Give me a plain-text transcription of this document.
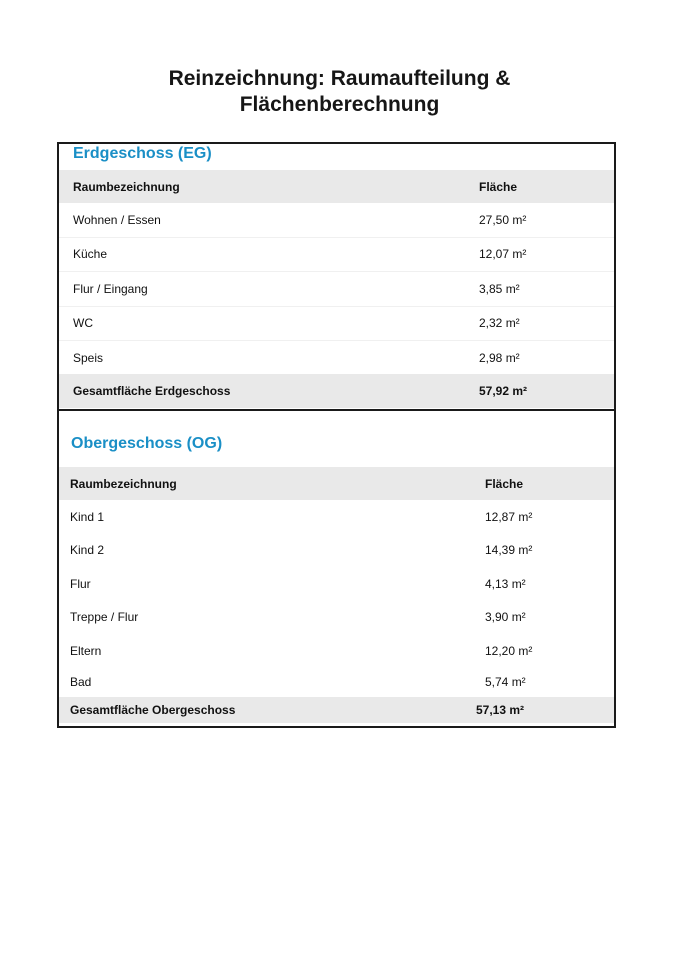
Reinzeichnung: Raumaufteilung &
Flächenberechnung
Erdgeschoss (EG)
Raumbezeichnung	Fläche
Wohnen / Essen	27,50 m²
Küche	12,07 m²
Flur / Eingang	3,85 m²
WC	2,32 m²
Speis	2,98 m²
Gesamtfläche Erdgeschoss	57,92 m²
Obergeschoss (OG)
Raumbezeichnung	Fläche
Kind 1	12,87 m²
Kind 2	14,39 m²
Flur	4,13 m²
Treppe / Flur	3,90 m²
Eltern	12,20 m²
Bad	5,74 m²
Gesamtfläche Obergeschoss	57,13 m²
